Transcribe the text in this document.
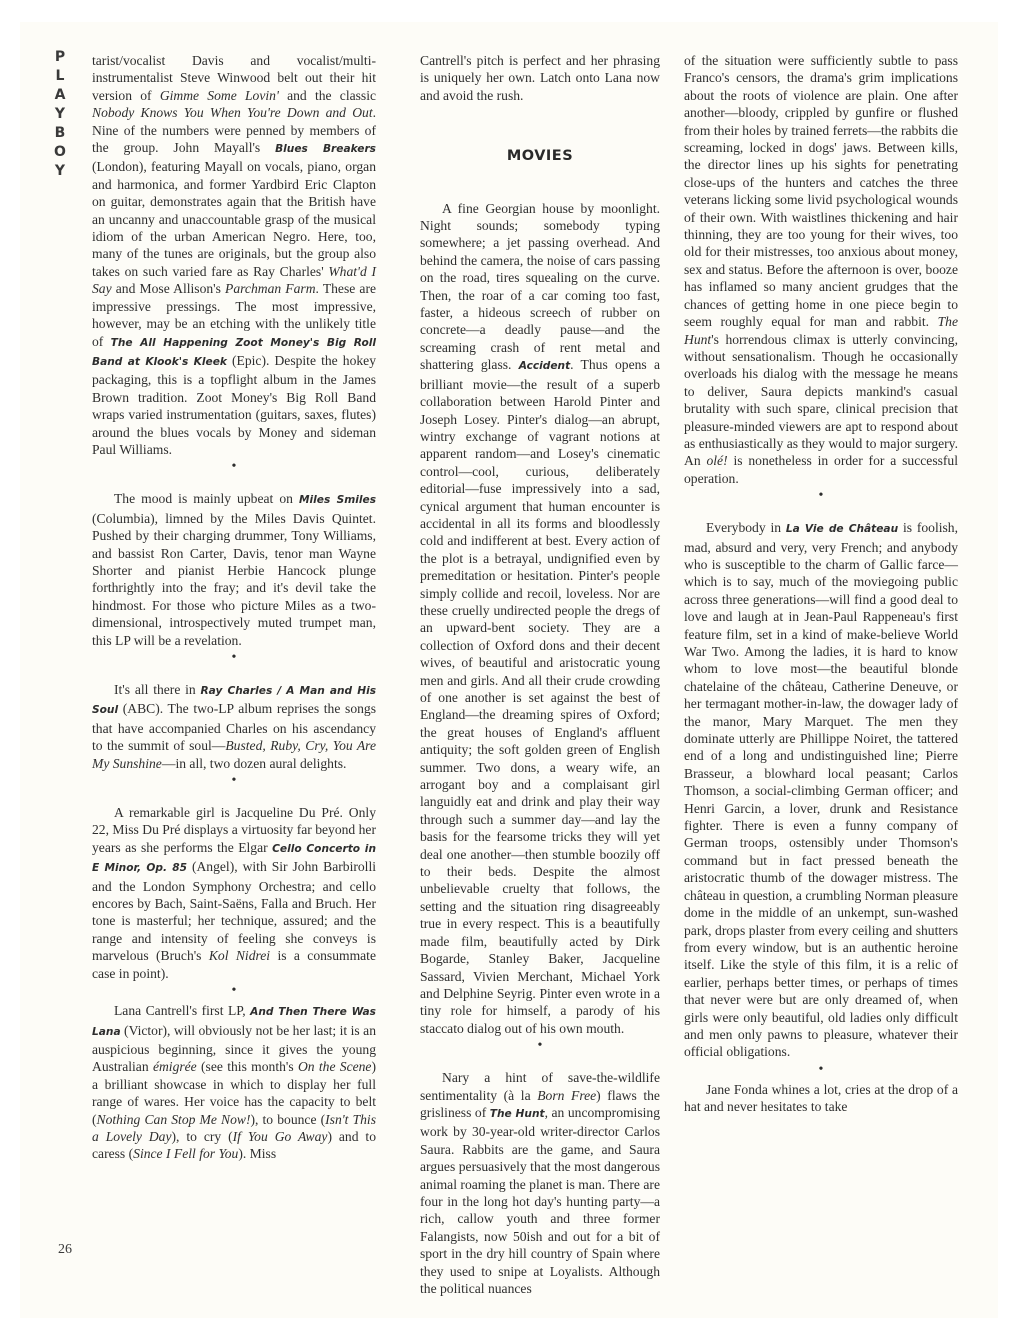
P
L
A
Y
B
O
Y

tarist/vocalist Davis and vocalist/multi-instrumentalist Steve Winwood belt out their hit version of Gimme Some Lovin' and the classic Nobody Knows You When You're Down and Out. Nine of the numbers were penned by members of the group. John Mayall's Blues Breakers (London), featuring Mayall on vocals, piano, organ and harmonica, and former Yardbird Eric Clapton on guitar, demonstrates again that the British have an uncanny and unaccountable grasp of the musical idiom of the urban American Negro. Here, too, many of the tunes are originals, but the group also takes on such varied fare as Ray Charles' What'd I Say and Mose Allison's Parchman Farm. These are impressive pressings. The most impressive, however, may be an etching with the unlikely title of The All Happening Zoot Money's Big Roll Band at Klook's Kleek (Epic). Despite the hokey packaging, this is a topflight album in the James Brown tradition. Zoot Money's Big Roll Band wraps varied instrumentation (guitars, saxes, flutes) around the blues vocals by Money and sideman Paul Williams.

•

The mood is mainly upbeat on Miles Smiles (Columbia), limned by the Miles Davis Quintet. Pushed by their charging drummer, Tony Williams, and bassist Ron Carter, Davis, tenor man Wayne Shorter and pianist Herbie Hancock plunge forthrightly into the fray; and it's devil take the hindmost. For those who picture Miles as a two-dimensional, introspectively muted trumpet man, this LP will be a revelation.

•

It's all there in Ray Charles / A Man and His Soul (ABC). The two-LP album reprises the songs that have accompanied Charles on his ascendancy to the summit of soul—Busted, Ruby, Cry, You Are My Sunshine—in all, two dozen aural delights.

•

A remarkable girl is Jacqueline Du Pré. Only 22, Miss Du Pré displays a virtuosity far beyond her years as she performs the Elgar Cello Concerto in E Minor, Op. 85 (Angel), with Sir John Barbirolli and the London Symphony Orchestra; and cello encores by Bach, Saint-Saëns, Falla and Bruch. Her tone is masterful; her technique, assured; and the range and intensity of feeling she conveys is marvelous (Bruch's Kol Nidrei is a consummate case in point).

•

Lana Cantrell's first LP, And Then There Was Lana (Victor), will obviously not be her last; it is an auspicious beginning, since it gives the young Australian émigrée (see this month's On the Scene) a brilliant showcase in which to display her full range of wares. Her voice has the capacity to belt (Nothing Can Stop Me Now!), to bounce (Isn't This a Lovely Day), to cry (If You Go Away) and to caress (Since I Fell for You). Miss

Cantrell's pitch is perfect and her phrasing is uniquely her own. Latch onto Lana now and avoid the rush.

MOVIES

A fine Georgian house by moonlight. Night sounds; somebody typing somewhere; a jet passing overhead. And behind the camera, the noise of cars passing on the road, tires squealing on the curve. Then, the roar of a car coming too fast, faster, a hideous screech of rubber on concrete—a deadly pause—and the screaming crash of rent metal and shattering glass. Accident. Thus opens a brilliant movie—the result of a superb collaboration between Harold Pinter and Joseph Losey. Pinter's dialog—an abrupt, wintry exchange of vagrant notions at apparent random—and Losey's cinematic control—cool, curious, deliberately editorial—fuse impressively into a sad, cynical argument that human encounter is accidental in all its forms and bloodlessly cold and indifferent at best. Every action of the plot is a betrayal, undignified even by premeditation or hesitation. Pinter's people simply collide and recoil, loveless. Nor are these cruelly undirected people the dregs of an upward-bent society. They are a collection of Oxford dons and their decent wives, of beautiful and aristocratic young men and girls. And all their crude crowding of one another is set against the best of England—the dreaming spires of Oxford; the great houses of England's affluent antiquity; the soft golden green of English summer. Two dons, a weary wife, an arrogant boy and a complaisant girl languidly eat and drink and play their way through such a summer day—and lay the basis for the fearsome tricks they will yet deal one another—then stumble boozily off to their beds. Despite the almost unbelievable cruelty that follows, the setting and the situation ring disagreeably true in every respect. This is a beautifully made film, beautifully acted by Dirk Bogarde, Stanley Baker, Jacqueline Sassard, Vivien Merchant, Michael York and Delphine Seyrig. Pinter even wrote in a tiny role for himself, a parody of his staccato dialog out of his own mouth.

•

Nary a hint of save-the-wildlife sentimentality (à la Born Free) flaws the grisliness of The Hunt, an uncompromising work by 30-year-old writer-director Carlos Saura. Rabbits are the game, and Saura argues persuasively that the most dangerous animal roaming the planet is man. There are four in the long hot day's hunting party—a rich, callow youth and three former Falangists, now 50ish and out for a bit of sport in the dry hill country of Spain where they used to snipe at Loyalists. Although the political nuances

of the situation were sufficiently subtle to pass Franco's censors, the drama's grim implications about the roots of violence are plain. One after another—bloody, crippled by gunfire or flushed from their holes by trained ferrets—the rabbits die screaming, locked in dogs' jaws. Between kills, the director lines up his sights for penetrating close-ups of the hunters and catches the three veterans licking some livid psychological wounds of their own. With waistlines thickening and hair thinning, they are too young for their wives, too old for their mistresses, too anxious about money, sex and status. Before the afternoon is over, booze has inflamed so many ancient grudges that the chances of getting home in one piece begin to seem roughly equal for man and rabbit. The Hunt's horrendous climax is utterly convincing, without sensationalism. Though he occasionally overloads his dialog with the message he means to deliver, Saura depicts mankind's casual brutality with such spare, clinical precision that pleasure-minded viewers are apt to respond about as enthusiastically as they would to major surgery. An olé! is nonetheless in order for a successful operation.

•

Everybody in La Vie de Château is foolish, mad, absurd and very, very French; and anybody who is susceptible to the charm of Gallic farce—which is to say, much of the moviegoing public across three generations—will find a good deal to love and laugh at in Jean-Paul Rappeneau's first feature film, set in a kind of make-believe World War Two. Among the ladies, it is hard to know whom to love most—the beautiful blonde chatelaine of the château, Catherine Deneuve, or her termagant mother-in-law, the dowager lady of the manor, Mary Marquet. The men they dominate utterly are Phillippe Noiret, the tattered end of a long and undistinguished line; Pierre Brasseur, a blowhard local peasant; Carlos Thomson, a social-climbing German officer; and Henri Garcin, a lover, drunk and Resistance fighter. There is even a funny company of German troops, ostensibly under Thomson's command but in fact pressed beneath the aristocratic thumb of the dowager mistress. The château in question, a crumbling Norman pleasure dome in the middle of an unkempt, sun-washed park, drops plaster from every ceiling and shutters from every window, but is an authentic heroine itself. Like the style of this film, it is a relic of earlier, perhaps better times, or perhaps of times that never were but are only dreamed of, when girls were only beautiful, old ladies only difficult and men only pawns to pleasure, whatever their official obligations.

•

Jane Fonda whines a lot, cries at the drop of a hat and never hesitates to take

26
